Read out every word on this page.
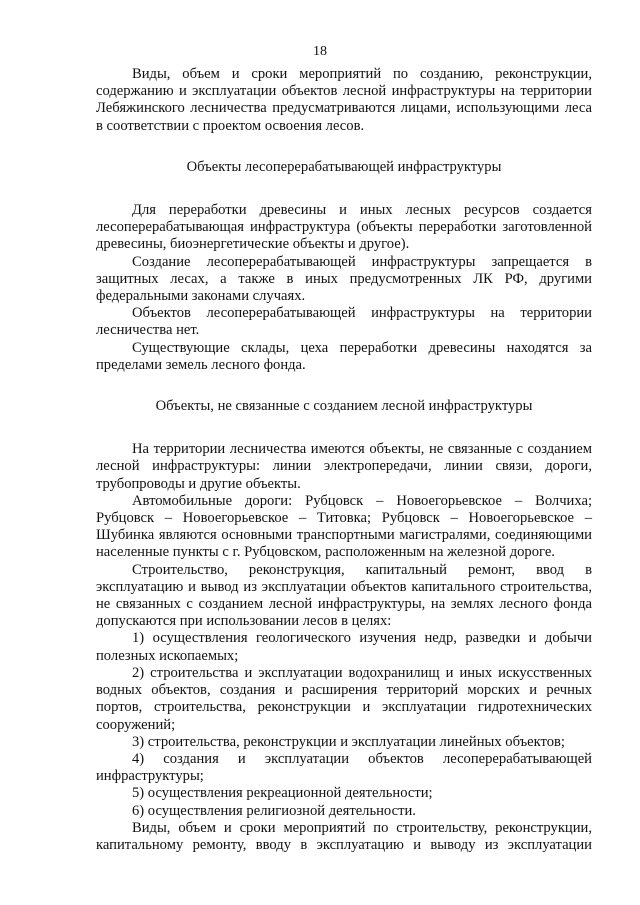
18

Виды, объем и сроки мероприятий по созданию, реконструкции, содержанию и эксплуатации объектов лесной инфраструктуры на территории Лебяжинского лесничества предусматриваются лицами, использующими леса в соответствии с проектом освоения лесов.

Объекты лесоперерабатывающей инфраструктуры

Для переработки древесины и иных лесных ресурсов создается лесоперерабатывающая инфраструктура (объекты переработки заготовленной древесины, биоэнергетические объекты и другое).

Создание лесоперерабатывающей инфраструктуры запрещается в защитных лесах, а также в иных предусмотренных ЛК РФ, другими федеральными законами случаях.

Объектов лесоперерабатывающей инфраструктуры на территории лесничества нет.

Существующие склады, цеха переработки древесины находятся за пределами земель лесного фонда.

Объекты, не связанные с созданием лесной инфраструктуры

На территории лесничества имеются объекты, не связанные с созданием лесной инфраструктуры: линии электропередачи, линии связи, дороги, трубопроводы и другие объекты.

Автомобильные дороги: Рубцовск – Новоегорьевское – Волчиха; Рубцовск – Новоегорьевское – Титовка; Рубцовск – Новоегорьевское – Шубинка являются основными транспортными магистралями, соединяющими населенные пункты с г. Рубцовском, расположенным на железной дороге.

Строительство, реконструкция, капитальный ремонт, ввод в эксплуатацию и вывод из эксплуатации объектов капитального строительства, не связанных с созданием лесной инфраструктуры, на землях лесного фонда допускаются при использовании лесов в целях:

1) осуществления геологического изучения недр, разведки и добычи полезных ископаемых;

2) строительства и эксплуатации водохранилищ и иных искусственных водных объектов, создания и расширения территорий морских и речных портов, строительства, реконструкции и эксплуатации гидротехнических сооружений;

3) строительства, реконструкции и эксплуатации линейных объектов;

4) создания и эксплуатации объектов лесоперерабатывающей инфраструктуры;

5) осуществления рекреационной деятельности;

6) осуществления религиозной деятельности.

Виды, объем и сроки мероприятий по строительству, реконструкции, капитальному ремонту, вводу в эксплуатацию и выводу из эксплуатации
